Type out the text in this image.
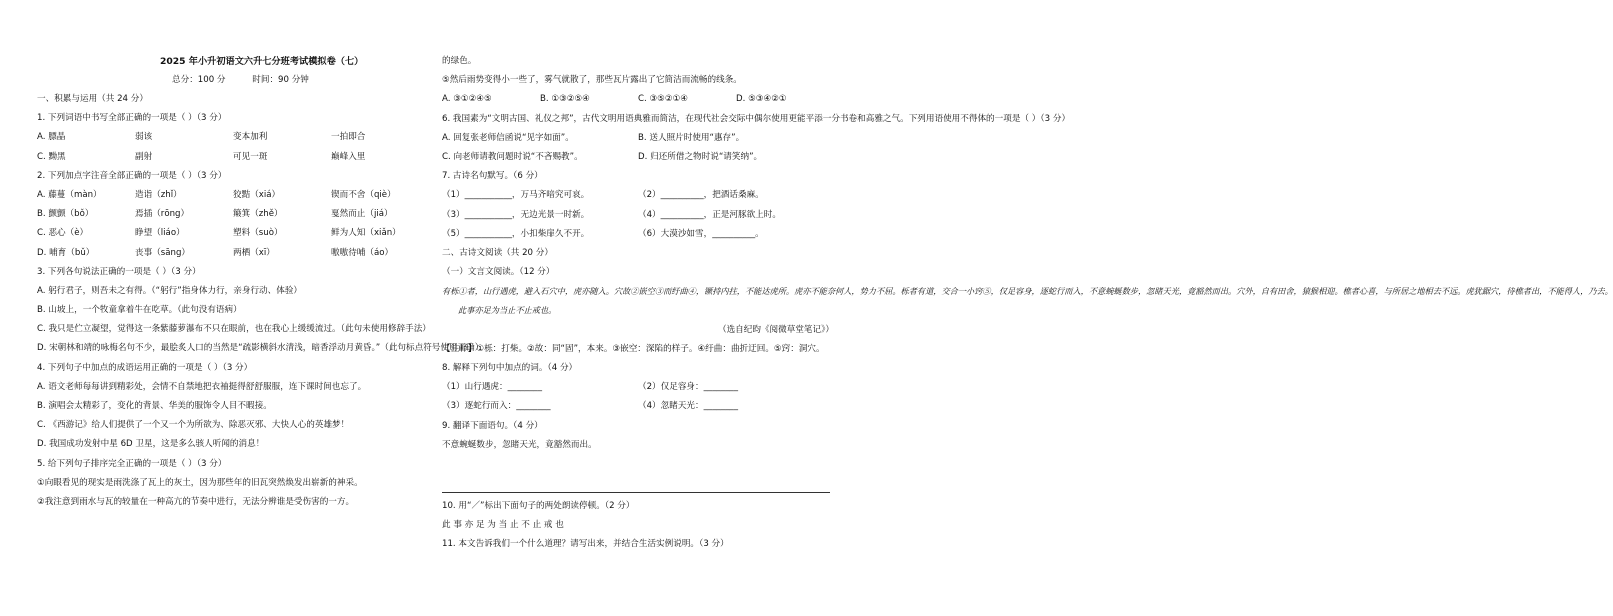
2025 年小升初语文六升七分班考试模拟卷（七）
总分：100 分	时间：90 分钟
一、积累与运用（共 24 分）
1. 下列词语中书写全部正确的一项是（ ）（3 分）
A. 膘晶	弱该	变本加利	一拍即合
C. 黝黑	副射	可见一斑	巅峰入里
2. 下列加点字注音全部正确的一项是（ ）（3 分）
A. 藤蔓（màn）	造诣（zhǐ）	狡黠（xiá）	锲而不舍（qiè）
B. 颤颤（bǒ）	焉插（rōng）	簸箕（zhě）	戛然而止（jiá）
C. 恶心（è）	睁望（liáo）	塑料（suò）	鲜为人知（xiǎn）
D. 哺育（bǔ）	丧事（sāng）	两栖（xī）	嗷嗷待哺（áo）
3. 下列各句说法正确的一项是（ ）（3 分）
A. 躬行君子，则吾未之有得。（“躬行”指身体力行，亲身行动、体验）
B. 山坡上，一个牧童拿着牛在吃草。（此句没有语病）
C. 我只是伫立凝望，觉得这一条紫藤萝瀑布不只在眼前，也在我心上缓缓流过。（此句未使用修辞手法）
D. 宋朝林和靖的咏梅名句不少，最脍炙人口的当然是“疏影横斜水清浅，暗香浮动月黄昏。”（此句标点符号使用正确）
4. 下列句子中加点的成语运用正确的一项是（ ）（3 分）
A. 语文老师每每讲到精彩处，会情不自禁地把衣袖挺得舒舒服服，连下课时间也忘了。
B. 演唱会太精彩了，变化的背景、华美的服饰令人目不暇接。
C. 《西游记》给人们提供了一个又一个为所欲为、除恶灭邪、大快人心的英雄梦！
D. 我国成功发射中星 6D 卫星，这是多么骇人听闻的消息！
5. 给下列句子排序完全正确的一项是（ ）（3 分）
①向眼看见的现实是雨洗涤了瓦上的灰土，因为那些年的旧瓦突然焕发出崭新的神采。
②我注意到雨水与瓦的较量在一种高亢的节奏中进行，无法分辨谁是受伤害的一方。
的绿色。
⑤然后雨势变得小一些了，雾气就散了，那些瓦片露出了它简洁而流畅的线条。
A. ③①②④⑤	B. ①③②⑤④	C. ③⑤②①④	D. ⑤③④②①
6. 我国素为“文明古国、礼仪之邦”，古代文明用语典雅而简洁，在现代社会交际中偶尔使用更能平添一分书卷和高雅之气。下列用语使用不得体的一项是（ ）（3 分）
A. 回复张老师信函说“见字如面”。	B. 送人照片时使用“惠存”。
C. 向老师请教问题时说“不吝赐教”。	D. 归还所借之物时说“请笑纳”。
7. 古诗名句默写。（6 分）
（1）___________，万马齐喑究可哀。	（2）__________，把酒话桑麻。
（3）___________，无边光景一时新。	（4）__________，正是河豚欲上时。
（5）___________，小扣柴扉久不开。	（6）大漠沙如雪，__________。
二、古诗文阅读（共 20 分）
（一）文言文阅读。（12 分）
有栎①者，山行遇虎，避入石穴中，虎亦随入。穴故②嵌空③而纡曲④，镢持内拄，不能达虎所。虎亦不能奈何人，势力不屈。栎者有道，交合一小窍⑤，仅足容身，逐蛇行而入，不意蜿蜒数步，忽睹天光，竟豁然而出。穴外，自有田舍，猿猴相迎。樵者心喜，与所居之地相去不远。虎犹踞穴，待樵者出，不能得人，乃去。
此事亦足为当止不止戒也。
（选自纪昀《阅微草堂笔记》）
【注释】①栎：打柴。②故：同“固”，本来。③嵌空：深陷的样子。④纡曲：曲折迂回。⑤窍：洞穴。
8. 解释下列句中加点的词。（4 分）
（1）山行遇虎：________	（2）仅足容身：________
（3）逐蛇行而入：________	（4）忽睹天光：________
9. 翻译下面语句。（4 分）
不意蜿蜒数步，忽睹天光，竟豁然而出。
10. 用“／”标出下面句子的两处朗读停顿。（2 分）
此 事 亦 足 为 当 止 不 止 戒 也
11. 本文告诉我们一个什么道理？请写出来，并结合生活实例说明。（3 分）
